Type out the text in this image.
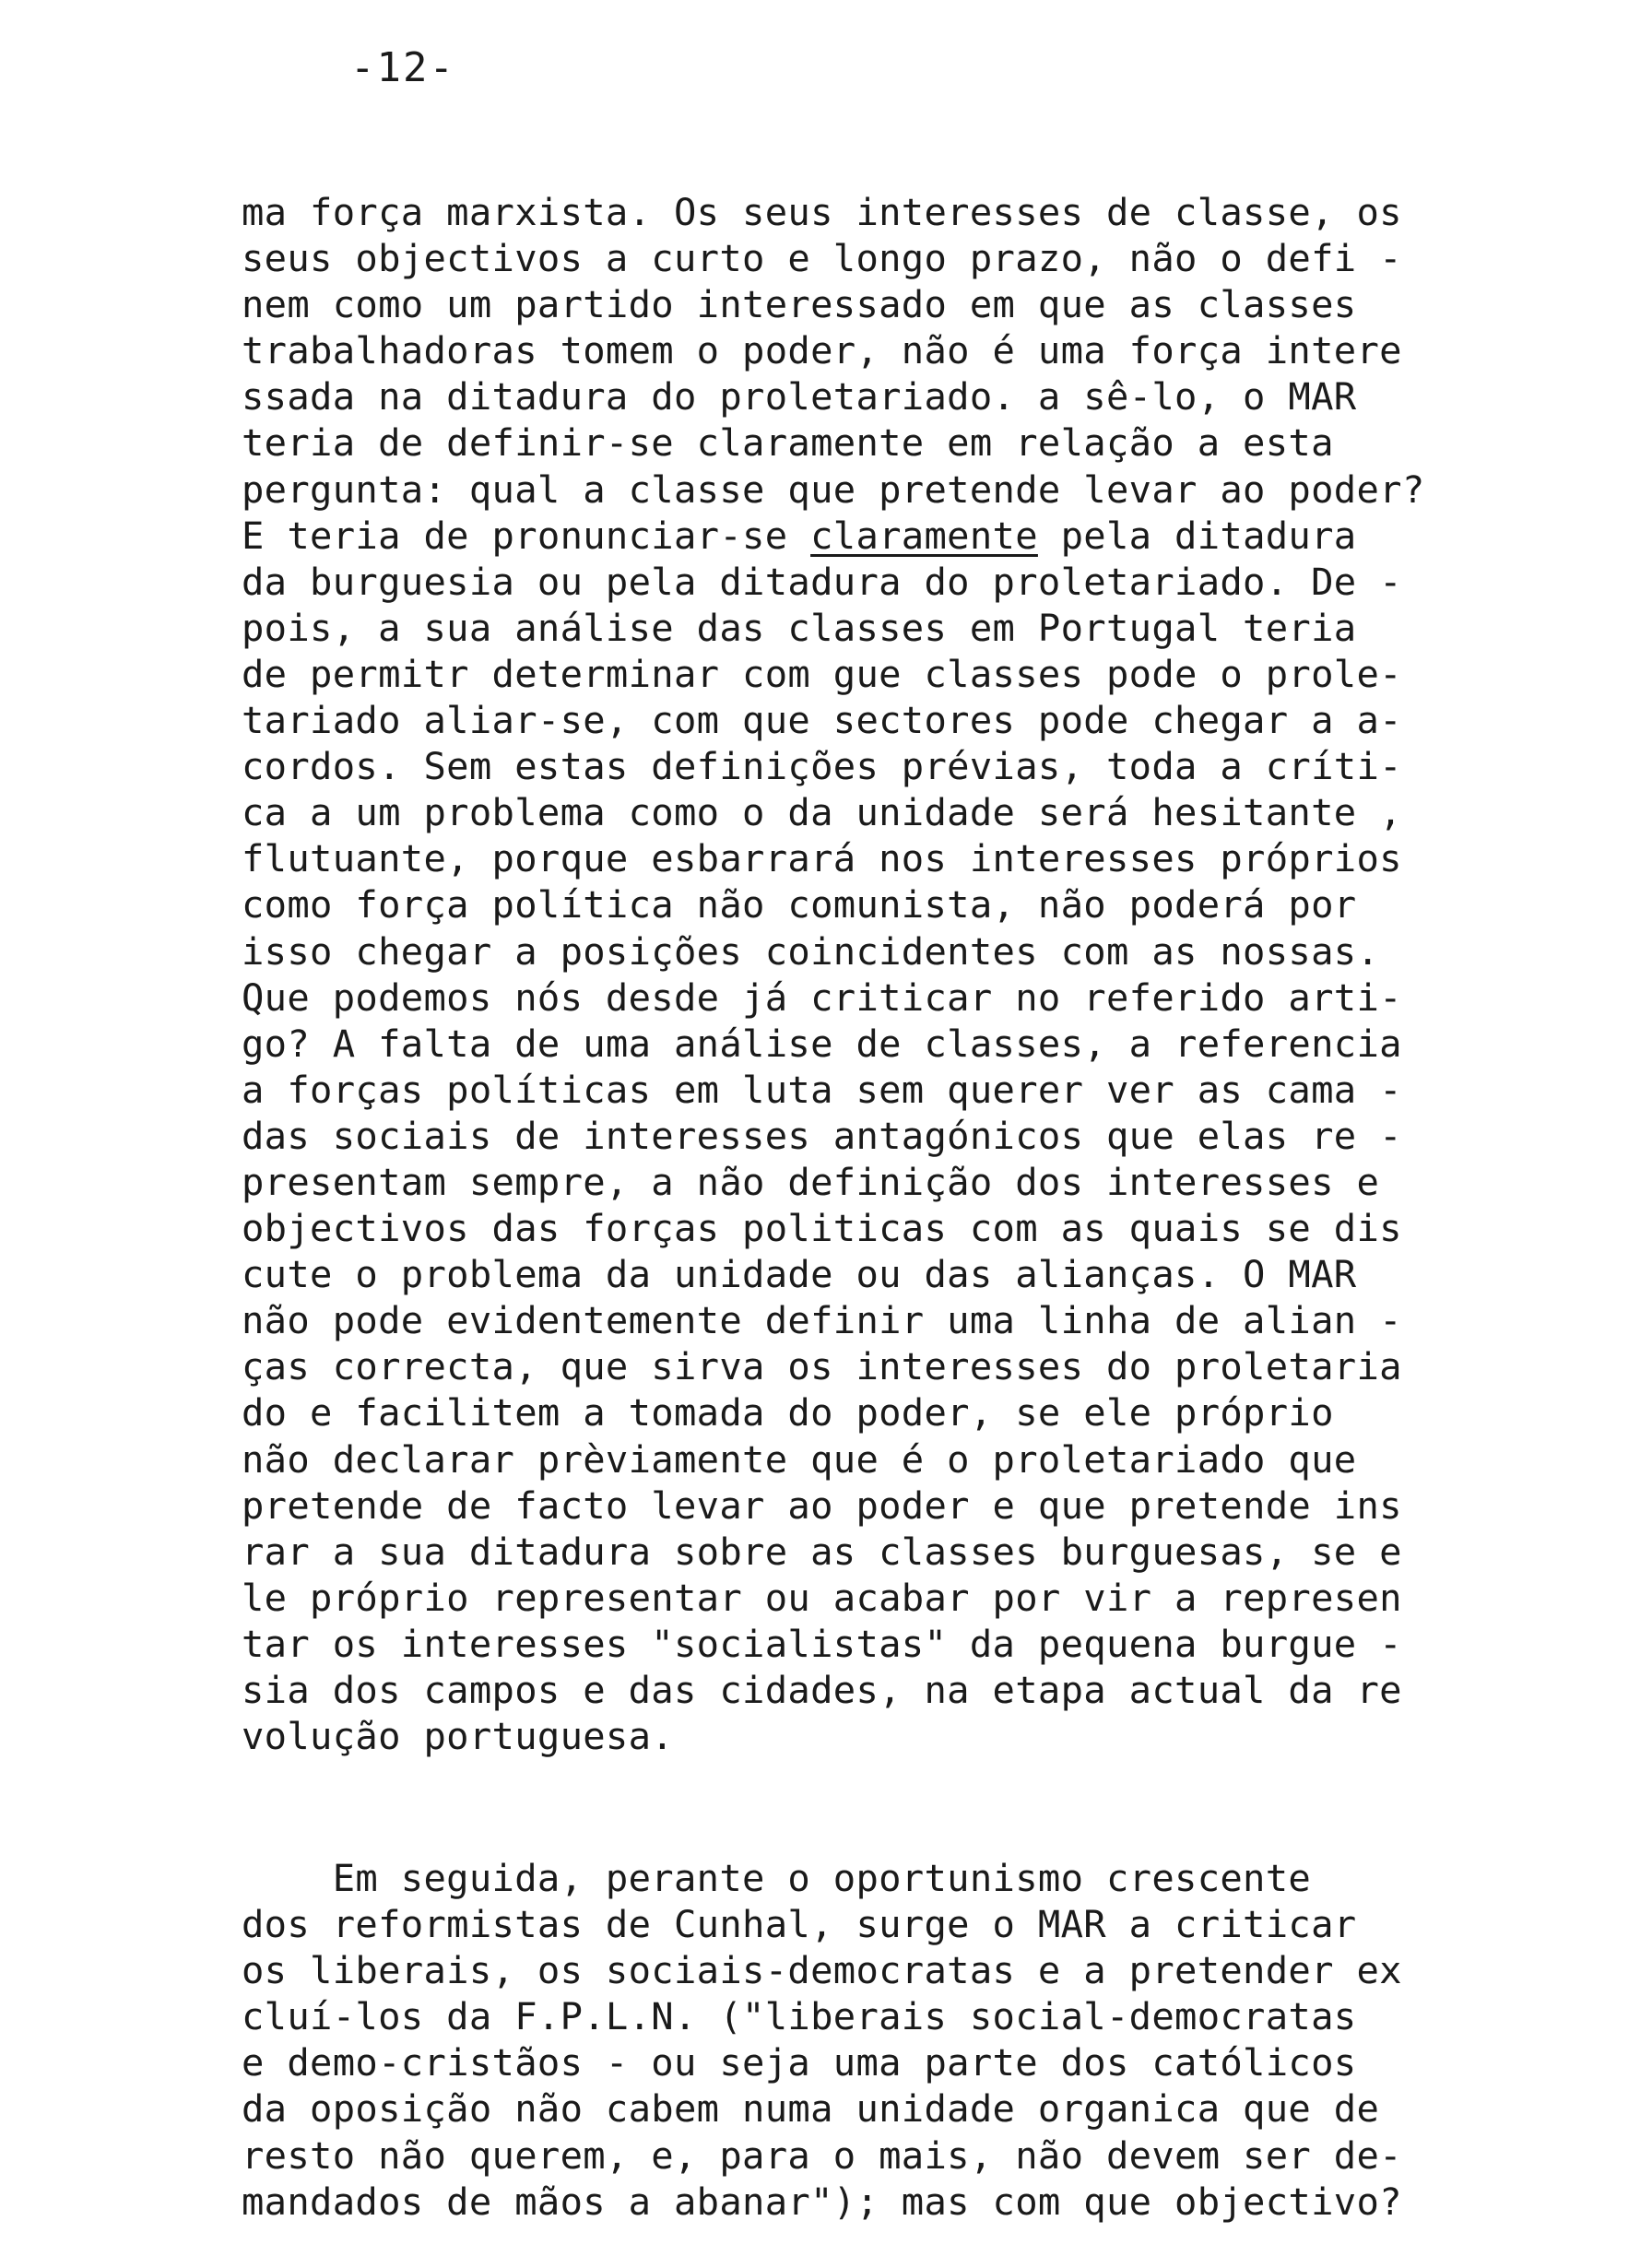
-12-
ma força marxista. Os seus interesses de classe, os
seus objectivos a curto e longo prazo, não o defi -
nem como um partido interessado em que as classes
trabalhadoras tomem o poder, não é uma força intere
ssada na ditadura do proletariado. a sê-lo, o MAR
teria de definir-se claramente em relação a esta
pergunta: qual a classe que pretende levar ao poder?
E teria de pronunciar-se claramente pela ditadura
da burguesia ou pela ditadura do proletariado. De -
pois, a sua análise das classes em Portugal teria
de permitr determinar com gue classes pode o prole-
tariado aliar-se, com que sectores pode chegar a a-
cordos. Sem estas definições prévias, toda a críti-
ca a um problema como o da unidade será hesitante ,
flutuante, porque esbarrará nos interesses próprios
como força política não comunista, não poderá por
isso chegar a posições coincidentes com as nossas.
Que podemos nós desde já criticar no referido arti-
go? A falta de uma análise de classes, a referencia
a forças políticas em luta sem querer ver as cama -
das sociais de interesses antagónicos que elas re -
presentam sempre, a não definição dos interesses e
objectivos das forças politicas com as quais se dis
cute o problema da unidade ou das alianças. O MAR
não pode evidentemente definir uma linha de alian -
ças correcta, que sirva os interesses do proletaria
do e facilitem a tomada do poder, se ele próprio
não declarar prèviamente que é o proletariado que
pretende de facto levar ao poder e que pretende ins
rar a sua ditadura sobre as classes burguesas, se e
le próprio representar ou acabar por vir a represen
tar os interesses "socialistas" da pequena burgue -
sia dos campos e das cidades, na etapa actual da re
volução portuguesa.
Em seguida, perante o oportunismo crescente
dos reformistas de Cunhal, surge o MAR a criticar
os liberais, os sociais-democratas e a pretender ex
cluí-los da F.P.L.N. ("liberais social-democratas
e demo-cristãos - ou seja uma parte dos católicos
da oposição não cabem numa unidade organica que de
resto não querem, e, para o mais, não devem ser de-
mandados de mãos a abanar"); mas com que objectivo?
